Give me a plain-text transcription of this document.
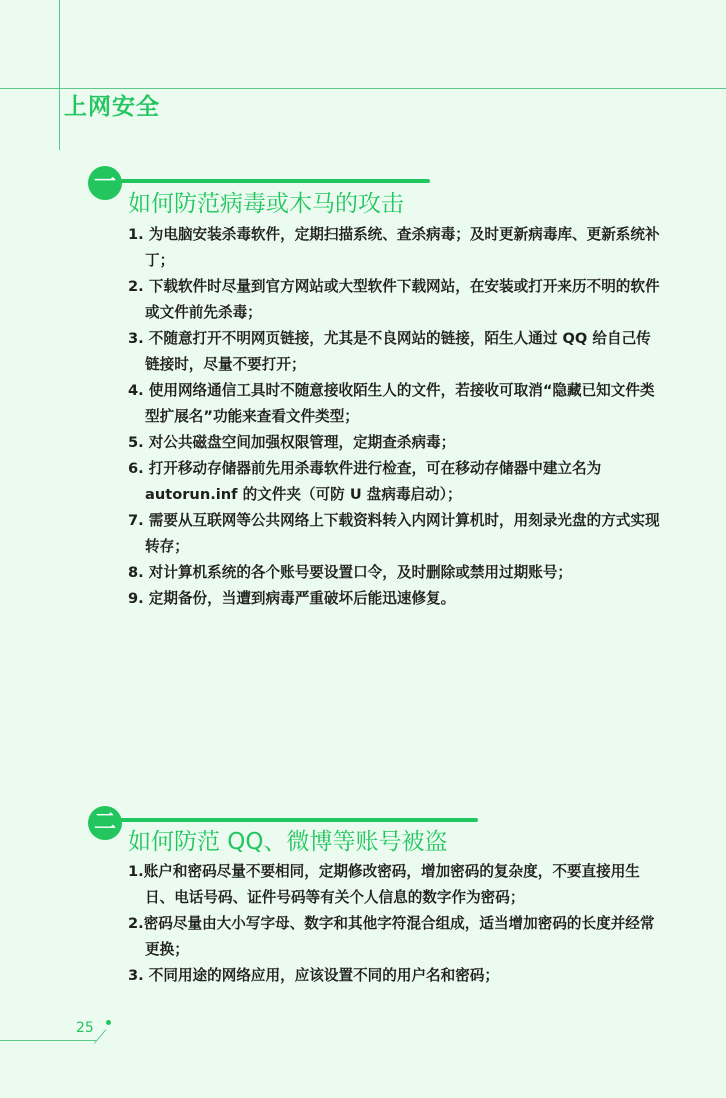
上网安全
一
如何防范病毒或木马的攻击
1. 为电脑安装杀毒软件，定期扫描系统、查杀病毒；及时更新病毒库、更新系统补丁；
2. 下载软件时尽量到官方网站或大型软件下载网站，在安装或打开来历不明的软件或文件前先杀毒；
3. 不随意打开不明网页链接，尤其是不良网站的链接，陌生人通过 QQ 给自己传链接时，尽量不要打开；
4. 使用网络通信工具时不随意接收陌生人的文件，若接收可取消“隐藏已知文件类型扩展名”功能来查看文件类型；
5. 对公共磁盘空间加强权限管理，定期查杀病毒；
6. 打开移动存储器前先用杀毒软件进行检查，可在移动存储器中建立名为 autorun.inf 的文件夹（可防 U 盘病毒启动）；
7. 需要从互联网等公共网络上下载资料转入内网计算机时，用刻录光盘的方式实现转存；
8. 对计算机系统的各个账号要设置口令，及时删除或禁用过期账号；
9. 定期备份，当遭到病毒严重破坏后能迅速修复。
二
如何防范 QQ、微博等账号被盗
1.账户和密码尽量不要相同，定期修改密码，增加密码的复杂度，不要直接用生日、电话号码、证件号码等有关个人信息的数字作为密码；
2.密码尽量由大小写字母、数字和其他字符混合组成，适当增加密码的长度并经常更换；
3. 不同用途的网络应用，应该设置不同的用户名和密码；
25
